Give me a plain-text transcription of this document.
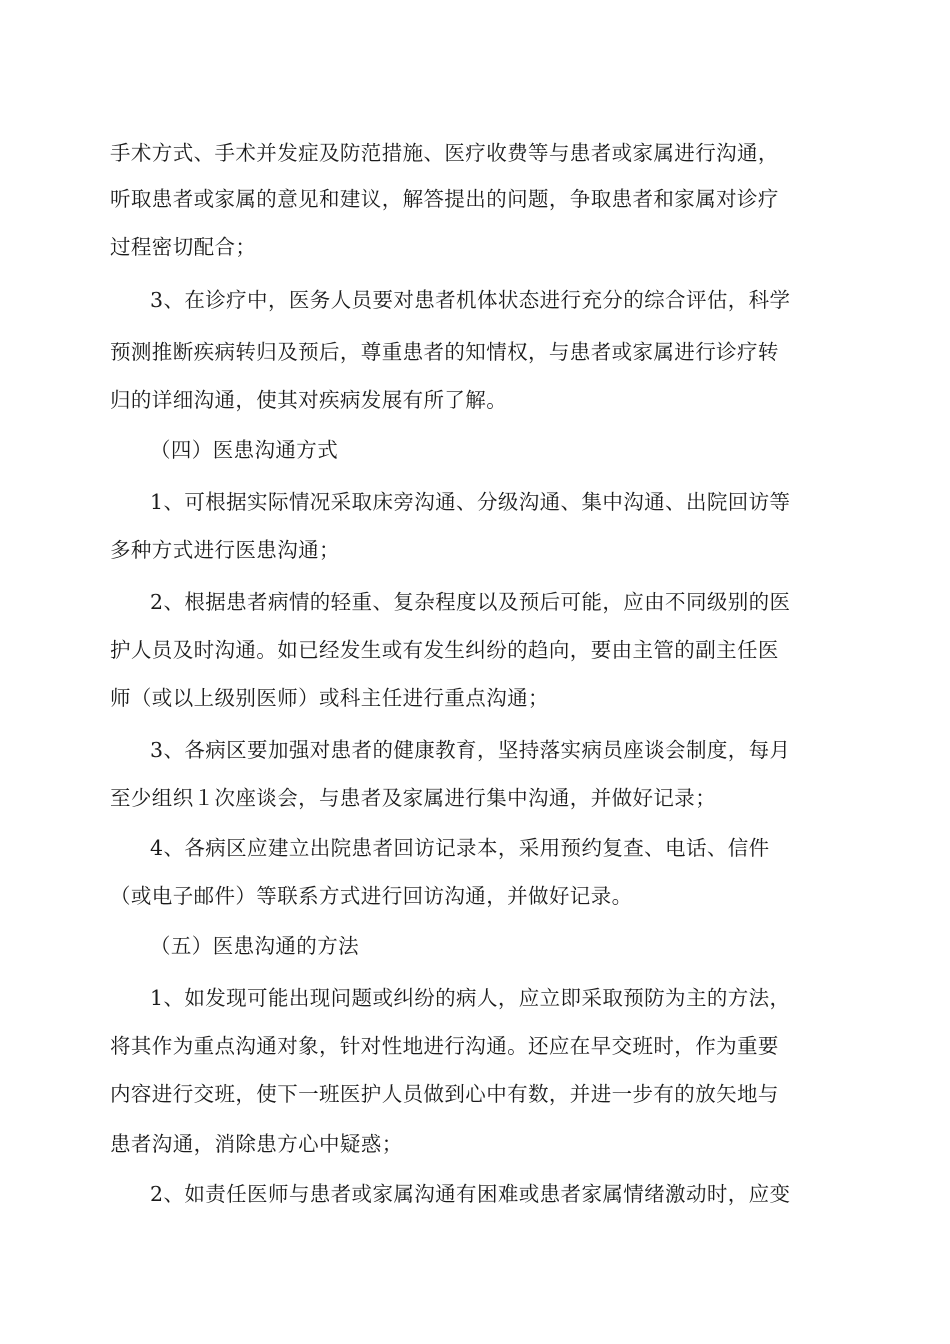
手术方式、手术并发症及防范措施、医疗收费等与患者或家属进行沟通，
听取患者或家属的意见和建议，解答提出的问题，争取患者和家属对诊疗
过程密切配合；
3、在诊疗中，医务人员要对患者机体状态进行充分的综合评估，科学
预测推断疾病转归及预后，尊重患者的知情权，与患者或家属进行诊疗转
归的详细沟通，使其对疾病发展有所了解。
（四）医患沟通方式
1、可根据实际情况采取床旁沟通、分级沟通、集中沟通、出院回访等
多种方式进行医患沟通；
2、根据患者病情的轻重、复杂程度以及预后可能，应由不同级别的医
护人员及时沟通。如已经发生或有发生纠纷的趋向，要由主管的副主任医
师（或以上级别医师）或科主任进行重点沟通；
3、各病区要加强对患者的健康教育，坚持落实病员座谈会制度，每月
至少组织１次座谈会，与患者及家属进行集中沟通，并做好记录；
4、各病区应建立出院患者回访记录本，采用预约复查、电话、信件
（或电子邮件）等联系方式进行回访沟通，并做好记录。
（五）医患沟通的方法
1、如发现可能出现问题或纠纷的病人，应立即采取预防为主的方法，
将其作为重点沟通对象，针对性地进行沟通。还应在早交班时，作为重要
内容进行交班，使下一班医护人员做到心中有数，并进一步有的放矢地与
患者沟通，消除患方心中疑惑；
2、如责任医师与患者或家属沟通有困难或患者家属情绪激动时，应变
